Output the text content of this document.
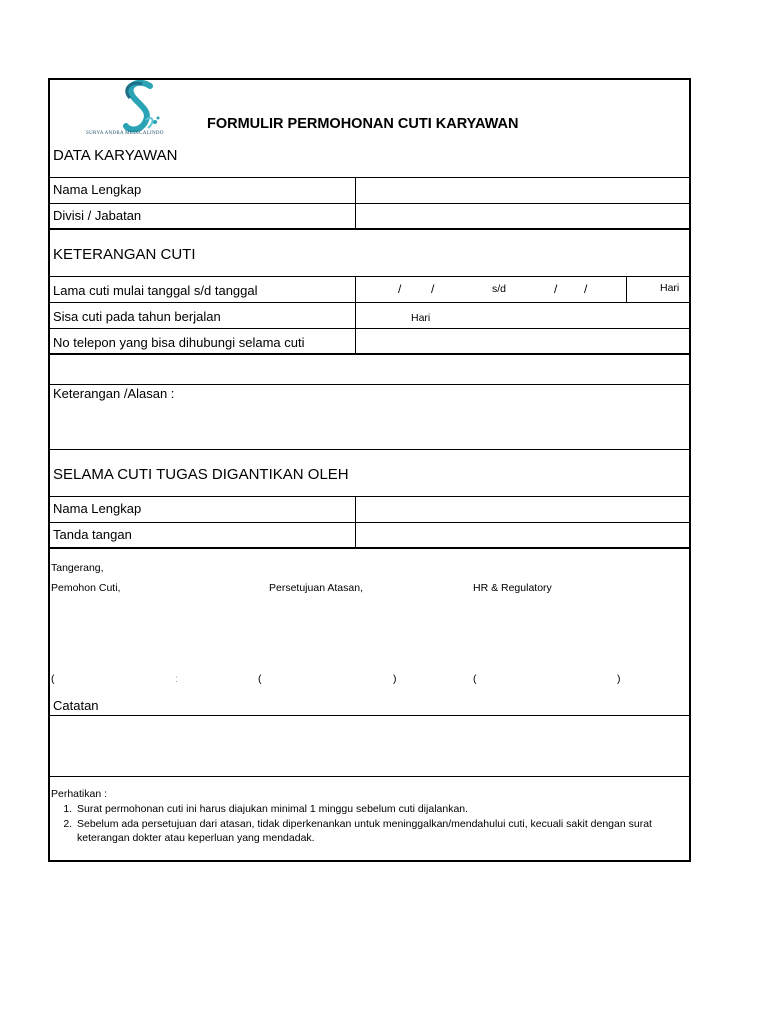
SURYA ANDRA MEDICALINDO
FORMULIR PERMOHONAN CUTI KARYAWAN
DATA KARYAWAN
Nama Lengkap
Divisi / Jabatan
KETERANGAN CUTI
Lama cuti mulai tanggal s/d tanggal	/ /	s/d	/ /	Hari
Sisa cuti pada tahun berjalan	Hari
No telepon yang bisa dihubungi selama cuti
Keterangan /Alasan :
SELAMA CUTI TUGAS DIGANTIKAN OLEH
Nama Lengkap
Tanda tangan
Tangerang,
Pemohon Cuti,	Persetujuan Atasan,	HR & Regulatory
(	:	(	)	(	)
Catatan
Perhatikan :
1. Surat permohonan cuti ini harus diajukan minimal 1 minggu sebelum cuti dijalankan.
2. Sebelum ada persetujuan dari atasan, tidak diperkenankan untuk meninggalkan/mendahului cuti, kecuali sakit dengan surat keterangan dokter atau keperluan yang mendadak.
